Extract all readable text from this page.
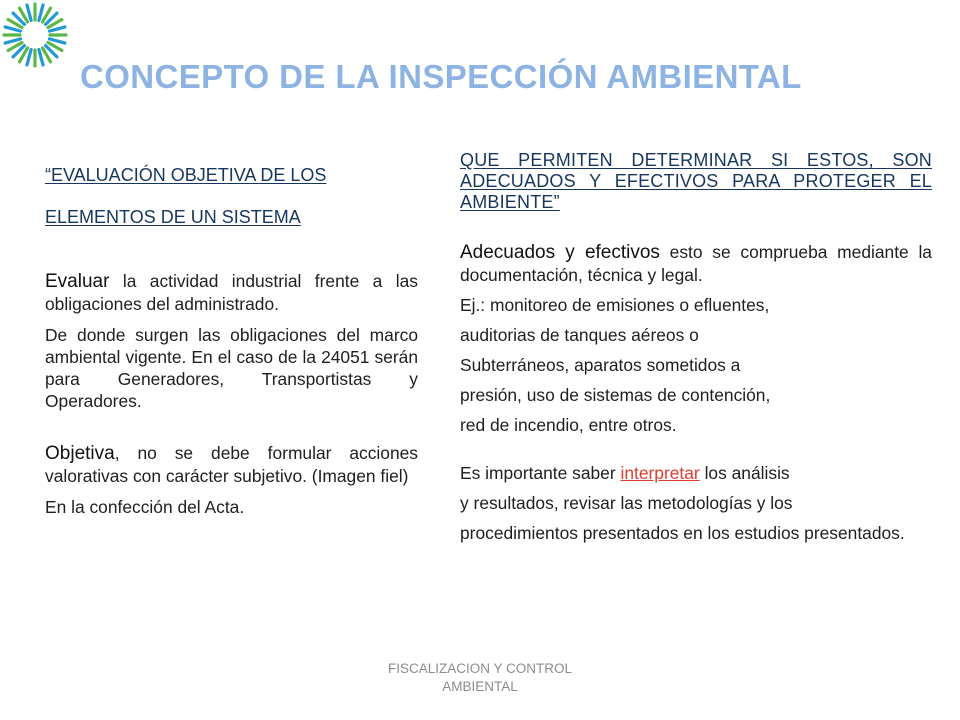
CONCEPTO DE LA INSPECCIÓN AMBIENTAL

“EVALUACIÓN OBJETIVA DE LOS

ELEMENTOS DE UN SISTEMA

Evaluar la actividad industrial frente a las obligaciones del administrado.

De donde surgen las obligaciones del marco ambiental vigente. En el caso de la 24051 serán para Generadores, Transportistas y Operadores.

Objetiva, no se debe formular acciones valorativas con carácter subjetivo. (Imagen fiel)

En la confección del Acta.

QUE PERMITEN DETERMINAR SI ESTOS, SON ADECUADOS Y EFECTIVOS PARA PROTEGER EL AMBIENTE”

Adecuados y efectivos esto se comprueba mediante la documentación, técnica y legal.

Ej.: monitoreo de emisiones o efluentes,

auditorias de tanques aéreos o

Subterráneos, aparatos sometidos a

presión, uso de sistemas de contención,

red de incendio, entre otros.

Es importante saber interpretar los análisis

y resultados, revisar las metodologías y los

procedimientos presentados en los estudios presentados.

FISCALIZACION Y CONTROL
AMBIENTAL
